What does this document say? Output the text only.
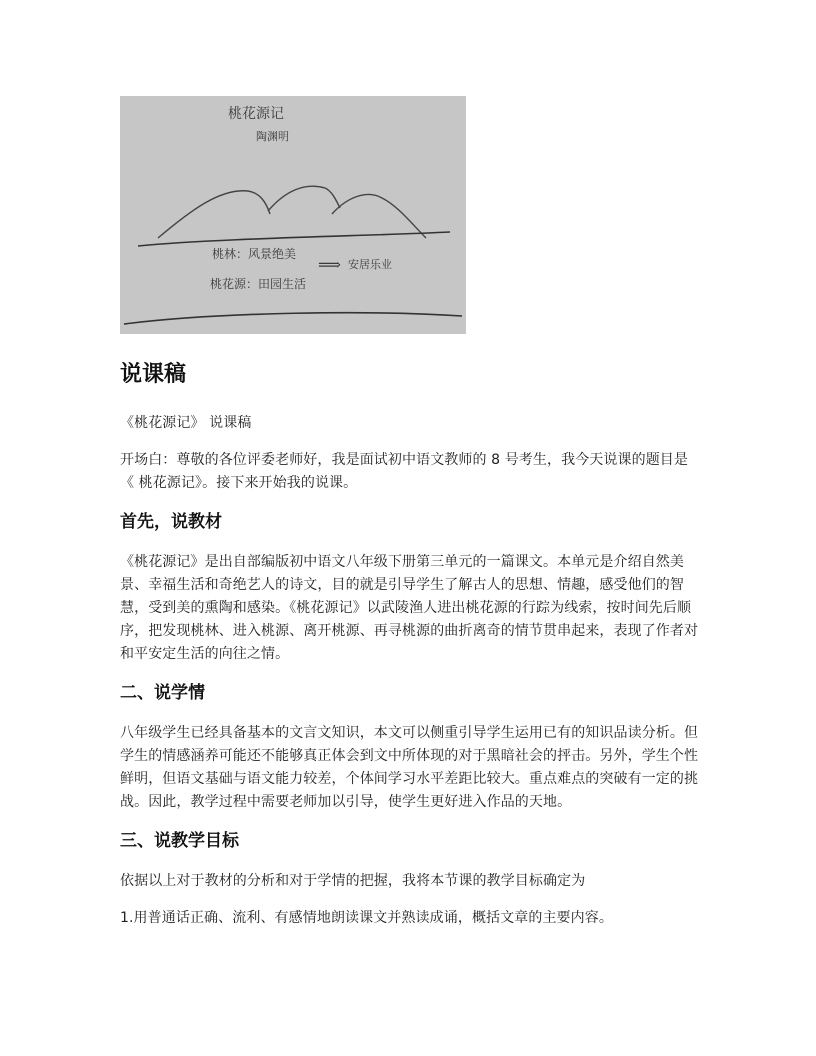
桃花源记
陶渊明
桃林：风景绝美
桃花源：田园生活
⟹ 安居乐业
说课稿

《桃花源记》 说课稿

开场白：尊敬的各位评委老师好，我是面试初中语文教师的 8 号考生，我今天说课的题目是 《 桃花源记》。接下来开始我的说课。

首先，说教材

《桃花源记》是出自部编版初中语文八年级下册第三单元的一篇课文。本单元是介绍自然美景、幸福生活和奇绝艺人的诗文，目的就是引导学生了解古人的思想、情趣，感受他们的智慧，受到美的熏陶和感染。《桃花源记》以武陵渔人进出桃花源的行踪为线索，按时间先后顺序，把发现桃林、进入桃源、离开桃源、再寻桃源的曲折离奇的情节贯串起来，表现了作者对和平安定生活的向往之情。

二、说学情

八年级学生已经具备基本的文言文知识，本文可以侧重引导学生运用已有的知识品读分析。但学生的情感涵养可能还不能够真正体会到文中所体现的对于黑暗社会的抨击。另外，学生个性鲜明，但语文基础与语文能力较差，个体间学习水平差距比较大。重点难点的突破有一定的挑战。因此，教学过程中需要老师加以引导，使学生更好进入作品的天地。

三、说教学目标

依据以上对于教材的分析和对于学情的把握，我将本节课的教学目标确定为

1.用普通话正确、流利、有感情地朗读课文并熟读成诵，概括文章的主要内容。
